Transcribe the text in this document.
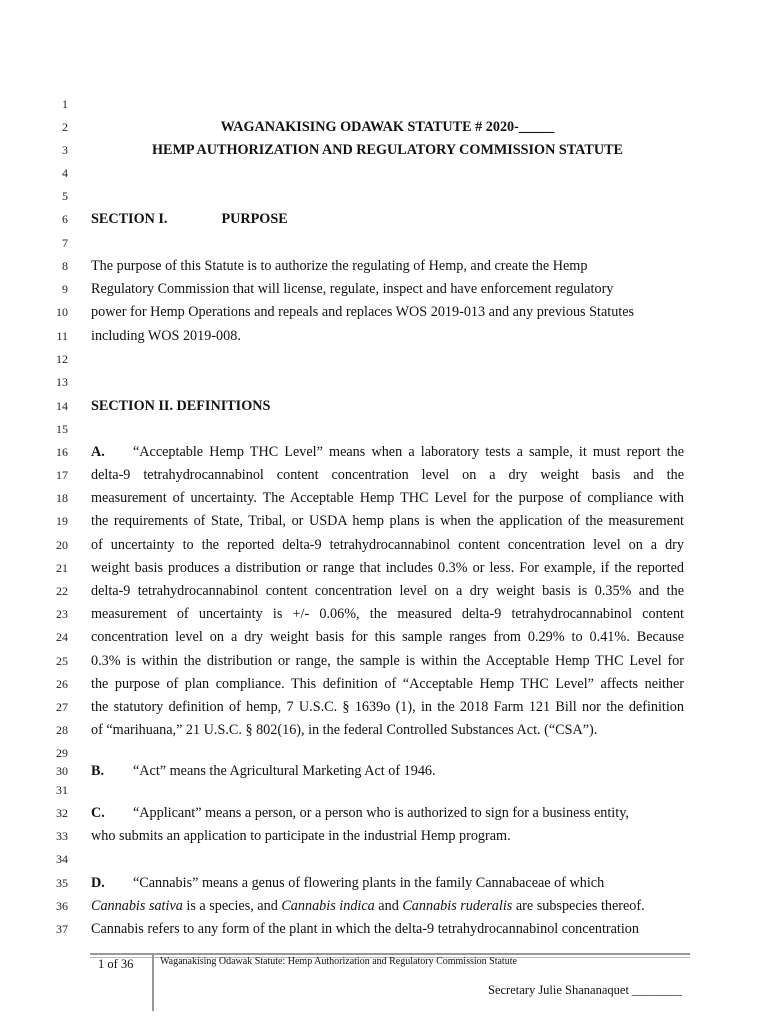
1
2
3
4
5
6
7
8
9
10
11
12
13
14
15
16
17
18
19
20
21
22
23
24
25
26
27
28
29
30
31
32
33
34
35
36
37
WAGANAKISING ODAWAK STATUTE # 2020-_____
HEMP AUTHORIZATION AND REGULATORY COMMISSION STATUTE
SECTION I.	PURPOSE
The purpose of this Statute is to authorize the regulating of Hemp, and create the Hemp
Regulatory Commission that will license, regulate, inspect and have enforcement regulatory
power for Hemp Operations and repeals and replaces WOS 2019-013 and any previous Statutes
including WOS 2019-008.
SECTION II. DEFINITIONS
A. “Acceptable Hemp THC Level” means when a laboratory tests a sample, it must report the
delta-9 tetrahydrocannabinol content concentration level on a dry weight basis and the
measurement of uncertainty. The Acceptable Hemp THC Level for the purpose of compliance with
the requirements of State, Tribal, or USDA hemp plans is when the application of the measurement
of uncertainty to the reported delta-9 tetrahydrocannabinol content concentration level on a dry
weight basis produces a distribution or range that includes 0.3% or less. For example, if the reported
delta-9 tetrahydrocannabinol content concentration level on a dry weight basis is 0.35% and the
measurement of uncertainty is +/- 0.06%, the measured delta-9 tetrahydrocannabinol content
concentration level on a dry weight basis for this sample ranges from 0.29% to 0.41%. Because
0.3% is within the distribution or range, the sample is within the Acceptable Hemp THC Level for
the purpose of plan compliance. This definition of “Acceptable Hemp THC Level” affects neither
the statutory definition of hemp, 7 U.S.C. § 1639o (1), in the 2018 Farm 121 Bill nor the definition
of “marihuana,” 21 U.S.C. § 802(16), in the federal Controlled Substances Act. (“CSA”).
B. “Act” means the Agricultural Marketing Act of 1946.
C. “Applicant” means a person, or a person who is authorized to sign for a business entity,
who submits an application to participate in the industrial Hemp program.
D. “Cannabis” means a genus of flowering plants in the family Cannabaceae of which
Cannabis sativa is a species, and Cannabis indica and Cannabis ruderalis are subspecies thereof.
Cannabis refers to any form of the plant in which the delta-9 tetrahydrocannabinol concentration
1 of 36	Waganakising Odawak Statute: Hemp Authorization and Regulatory Commission Statute
Secretary Julie Shananaquet ________
